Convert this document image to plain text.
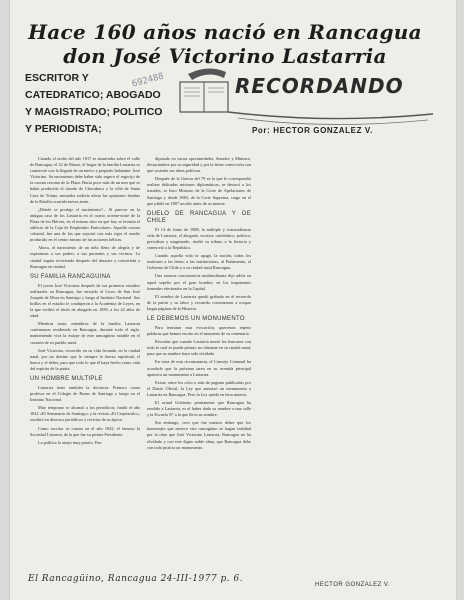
Hace 160 años nació en Rancagua don José Victorino Lastarria
ESCRITOR Y CATEDRATICO; ABOGADO Y MAGISTRADO; POLITICO Y PERIODISTA;
692488	RECORDANDO
Por: HECTOR GONZALEZ V.

Cuando el otoño del año 1817 se anunciaba sobre el valle de Rancagua, el 22 de Marzo, el hogar de la familia Lastarria se conmovió con la llegada de un nuevo y pequeño habitante: José Victorino. Su nacimiento debe haber sido seguro el regocijo de la casona cercana de la Plaza. Hacía poco más de un mes que se había producido el triunfo de Chacabuco y la villa de Santa Cruz de Triana, mostraba todavía alerta las opiniones heridas de la Batalla ocurrida meses antes.

¿Dónde se produjo el nacimiento?... Al parecer en la antigua casa de los Lastarria en el cuarto oriente-norte de la Plaza de los Héroes, en el mismo sitio en que hoy se levanta el edificio de la Caja de Empleados Particulares. Aquella casona colonial, fue una de las que soportó con más rigor el asedio producido en el centro mismo de las acciones bélicas.

Ahora, el nacimiento de un niño lleno de alegría y de esperanzas a sus padres, a sus parientes y sus vecinos. La ciudad seguía reviviendo después del desastre y convertida a Rancagua en ciudad.

SU FAMILIA RANCAGUINA

El joven José Victorino después de sus primeros estudios realizados en Rancagua, fue enviado al Liceo de San José Joaquín de Mora en Santiago y luego al Instituto Nacional. Sus brillos en el estudio le condujeron a la Academia de Leyes, en la que recibió el título de abogado en 1839, a los 22 años de edad.

Mientras tanto, miembros de la familia Lastarria continuaron residiendo en Rancagua, durante todo el siglo, manteniendo viva la estirpe de este rancagüino notable en el corazón de su pueblo natal.

José Victorino, recorrido en su vida fecunda, en la ciudad natal, por un destino que le siempre la fuerza espiritual, el honor y el deber, para que todo lo que él haya hecho como vida del espíritu de la patria.

UN HOMBRE MULTIPLE

Lastarria tiene también la docencia. Primero como profesor en el Colegio de Romo de Santiago y luego en el Instituto Nacional.

Muy temprano se alcanzó a los periódicos; fundó el año 1842 «El Semanario de Santiago» y la revista «El Crepúsculo»; escribió en diversos periódicos y revistas de su época.

Como escritor se cuenta en el año 1842, el famoso la Sociedad Literaria, de la que fue su primer Presidente.

La política lo atrajo muy pronto. Fue

diputado en varias oportunidades, Senador y Ministro, destacándose por su seguridad y por la firme convicción con que sostenía sus ideas políticas.

Después de la Guerra del 79 es la que le correspondió realizar delicadas misiones diplomáticas, se destacó a los tratados, se hizo Ministro de la Corte de Apelaciones de Santiago y desde 1883, de la Corte Suprema, cargo en el que jubiló en 1887 un año antes de su muerte.

DUELO DE RANCAGUA Y DE CHILE

El 14 de Junio de 1888, la múltiple y extraordinaria vida de Lastarria, el abogado, escritor, catedrático, político, periodista y magistrado, rindió su tributo a la historia y conmovió a la República.

Cuando aquella vida se apagó, la nación, todos los institutos a las letras, a las instituciones, al Parlamento, al Gobierno de Chile y a su ciudad natal Rancagua.

Una enorme concurrencia multitudinaria dijo adiós en aquel sepelio por el gran hombre, en los imponentes funerales efectuados en la Capital.

El nombre de Lastarria quedó grabado en el recuerdo de la patria y su labor y recuerdo comenzaron a ocupar largas páginas de la Historia.

LE DEBEMOS UN MONUMENTO

Para terminar esta evocación, queremos repetir palabras que hemos escrito en el momento de su centenario.

Recordar que cuando Lastarria murió los honraron con todo lo cual se puede pensar; no obstante en su ciudad natal, para que su nombre haya sido olvidado.

En vista de esta circunstancia, el Concejo Comunal ha acordado que la próxima tarea en su avenida principal aparezca un monumento a Lastarria.

Existe, entre los ocho o más de paginas publicadas por el Diario Oficial, la Ley que autorizó un monumento a Lastarria en Rancagua. Pero la Ley quedó en letra muerta.

El actual Gobierno permanente que Rancagua ha rendido a Lastarria, es el haber dado su nombre a una calle y la Escuela N° a la que lleva su nombre.

Sin embargo, creo que fue nuestro deber que los homenajes que merece este rancagüino se hagan realidad por la obra que José Victorino Lastarria, Rancagua no ha olvidado y con este digno noble alma, que Rancagua debe con toda justicia un monumento.

El Rancagüino, Rancagua 24-III-1977 p. 6.
HECTOR GONZALEZ V.
